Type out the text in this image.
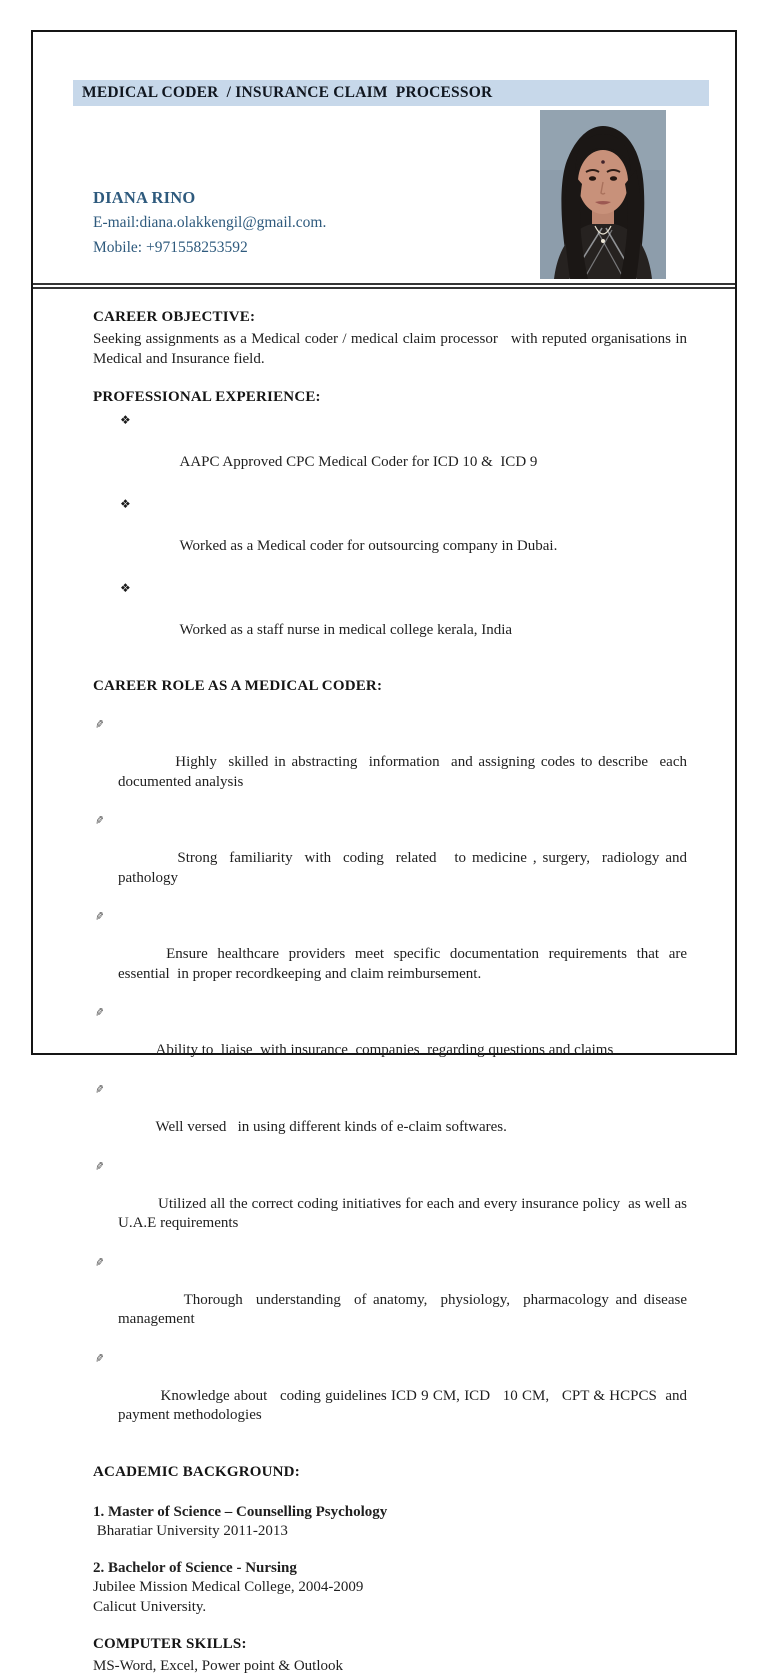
MEDICAL CODER  / INSURANCE CLAIM  PROCESSOR
DIANA RINO
E-mail:diana.olakkengil@gmail.com.
Mobile: +971558253592

CAREER OBJECTIVE:

Seeking assignments as a Medical coder / medical claim processor   with reputed organisations in Medical and Insurance field.

PROFESSIONAL EXPERIENCE:

❖

AAPC Approved CPC Medical Coder for ICD 10 &  ICD 9

❖

Worked as a Medical coder for outsourcing company in Dubai.

❖

Worked as a staff nurse in medical college kerala, India

CAREER ROLE AS A MEDICAL CODER:

✎

Highly  skilled in abstracting  information  and assigning codes to describe  each  documented analysis

✎

Strong  familiarity  with  coding  related   to medicine , surgery,  radiology and  pathology

✎

Ensure  healthcare  providers  meet  specific  documentation  requirements  that  are  essential  in proper recordkeeping and claim reimbursement.

✎

Ability to  liaise  with insurance  companies  regarding questions and claims

✎

Well versed   in using different kinds of e-claim softwares.

✎

Utilized all the correct coding initiatives for each and every insurance policy  as well as U.A.E requirements

✎

Thorough  understanding  of anatomy,  physiology,  pharmacology and disease management

✎

Knowledge about   coding guidelines ICD 9 CM, ICD   10 CM,   CPT & HCPCS  and payment methodologies

ACADEMIC BACKGROUND:

1. Master of Science – Counselling Psychology

Bharatiar University 2011-2013

2. Bachelor of Science - Nursing

Jubilee Mission Medical College, 2004-2009

Calicut University.

COMPUTER SKILLS:

MS-Word, Excel, Power point & Outlook
